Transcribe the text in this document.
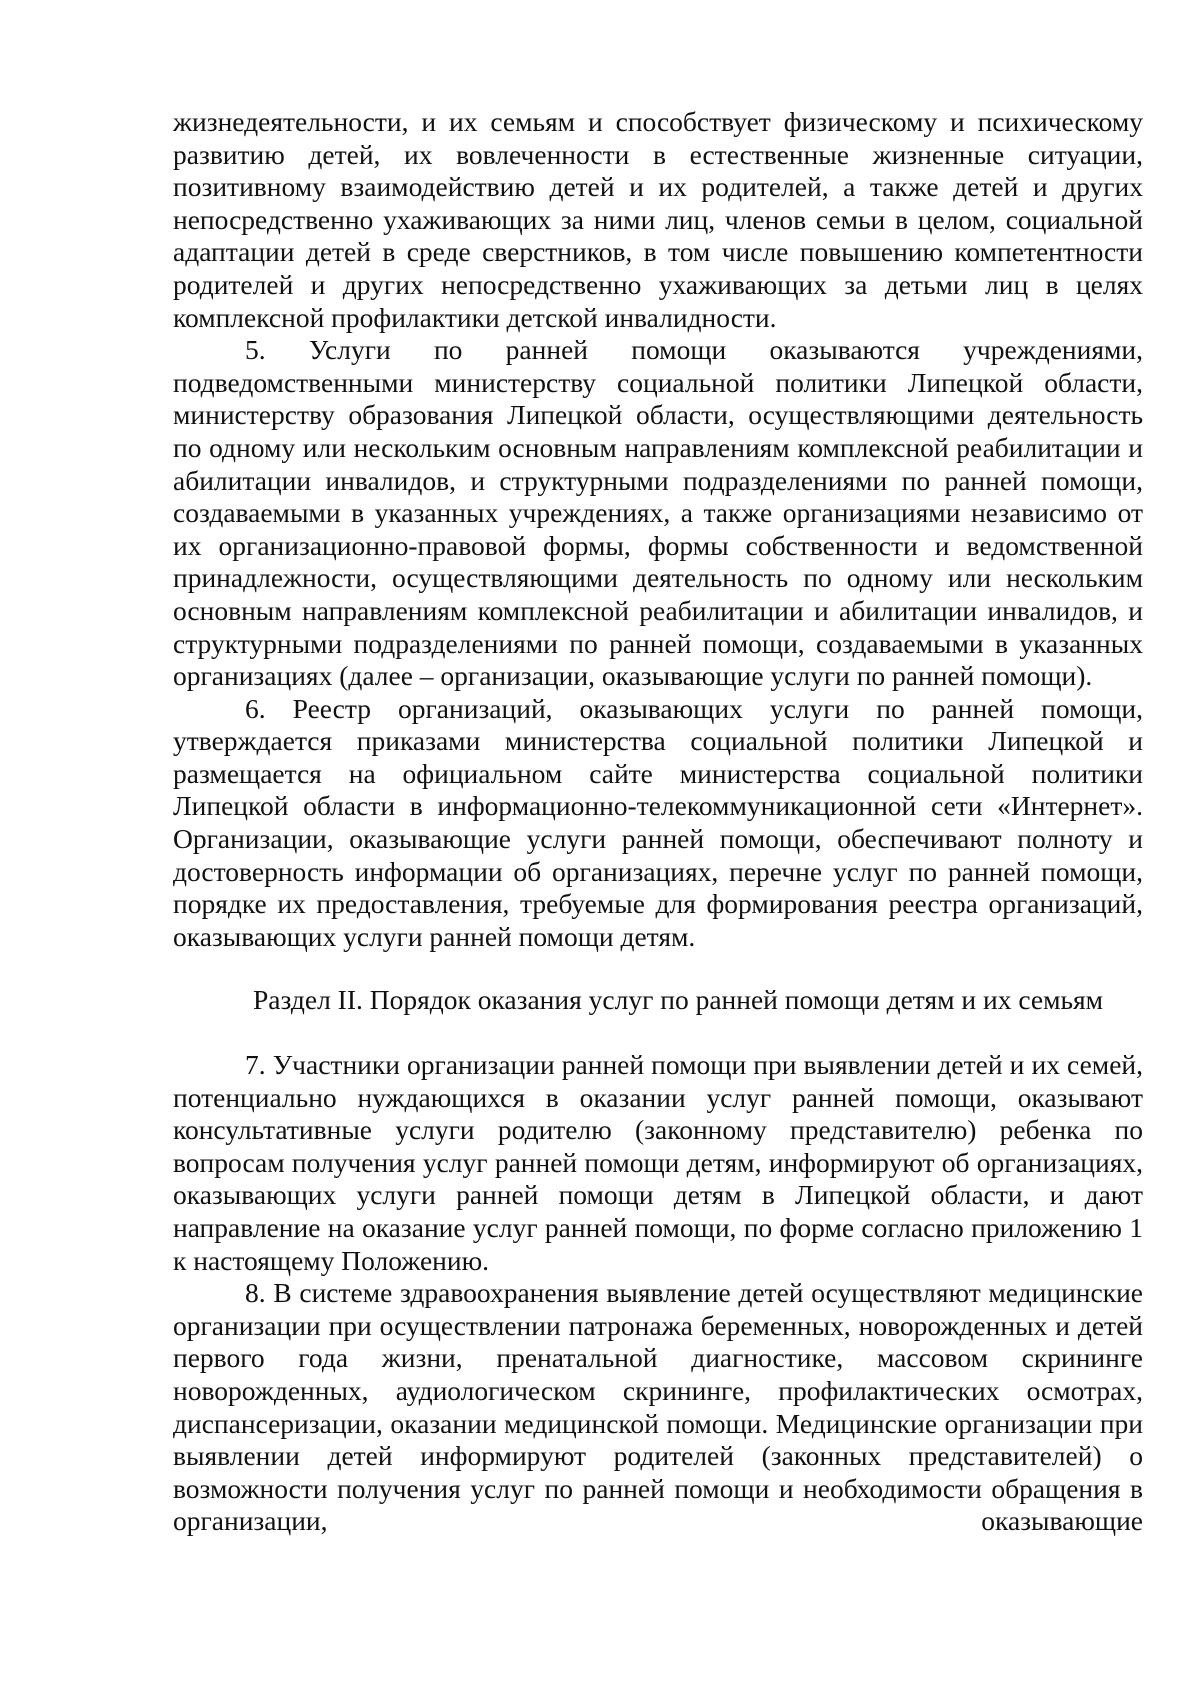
жизнедеятельности, и их семьям и способствует физическому и психическому развитию детей, их вовлеченности в естественные жизненные ситуации, позитивному взаимодействию детей и их родителей, а также детей и других непосредственно ухаживающих за ними лиц, членов семьи в целом, социальной адаптации детей в среде сверстников, в том числе повышению компетентности родителей и других непосредственно ухаживающих за детьми лиц в целях комплексной профилактики детской инвалидности.

5. Услуги по ранней помощи оказываются учреждениями, подведомственными министерству социальной политики Липецкой области, министерству образования Липецкой области, осуществляющими деятельность по одному или нескольким основным направлениям комплексной реабилитации и абилитации инвалидов, и структурными подразделениями по ранней помощи, создаваемыми в указанных учреждениях, а также организациями независимо от их организационно-правовой формы, формы собственности и ведомственной принадлежности, осуществляющими деятельность по одному или нескольким основным направлениям комплексной реабилитации и абилитации инвалидов, и структурными подразделениями по ранней помощи, создаваемыми в указанных организациях (далее – организации, оказывающие услуги по ранней помощи).

6. Реестр организаций, оказывающих услуги по ранней помощи, утверждается приказами министерства социальной политики Липецкой и размещается на официальном сайте министерства социальной политики Липецкой области в информационно-телекоммуникационной сети «Интернет». Организации, оказывающие услуги ранней помощи, обеспечивают полноту и достоверность информации об организациях, перечне услуг по ранней помощи, порядке их предоставления, требуемые для формирования реестра организаций, оказывающих услуги ранней помощи детям.

Раздел II. Порядок оказания услуг по ранней помощи детям и их семьям

7. Участники организации ранней помощи при выявлении детей и их семей, потенциально нуждающихся в оказании услуг ранней помощи, оказывают консультативные услуги родителю (законному представителю) ребенка по вопросам получения услуг ранней помощи детям, информируют об организациях, оказывающих услуги ранней помощи детям в Липецкой области, и дают направление на оказание услуг ранней помощи, по форме согласно приложению 1 к настоящему Положению.

8. В системе здравоохранения выявление детей осуществляют медицинские организации при осуществлении патронажа беременных, новорожденных и детей первого года жизни, пренатальной диагностике, массовом скрининге новорожденных, аудиологическом скрининге, профилактических осмотрах, диспансеризации, оказании медицинской помощи. Медицинские организации при выявлении детей информируют родителей (законных представителей) о возможности получения услуг по ранней помощи и необходимости обращения в организации, оказывающие
